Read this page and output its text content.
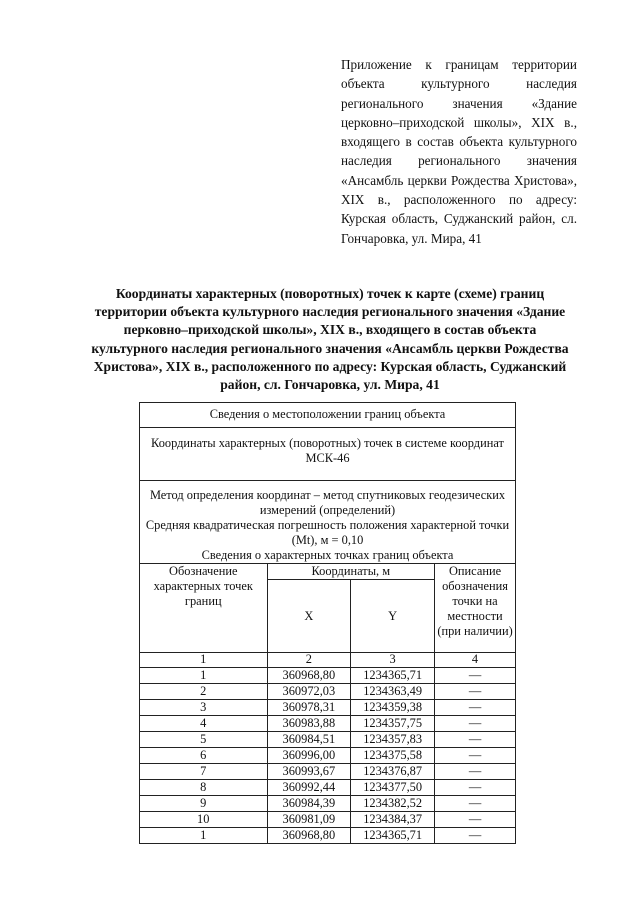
Приложение к границам территории объекта культурного наследия регионального значения «Здание церковно–приходской школы», XIX в., входящего в состав объекта культурного наследия регионального значения «Ансамбль церкви Рождества Христова», XIX в., расположенного по адресу: Курская область, Суджанский район, сл. Гончаровка, ул. Мира, 41
Координаты характерных (поворотных) точек к карте (схеме) границ территории объекта культурного наследия регионального значения «Здание перковно–приходской школы», XIX в., входящего в состав объекта культурного наследия регионального значения «Ансамбль церкви Рождества Христова», XIX в., расположенного по адресу: Курская область, Суджанский район, сл. Гончаровка, ул. Мира, 41
Сведения о местоположении границ объекта			
Координаты характерных (поворотных) точек в системе координат МСК-46			

Метод определения координат – метод спутниковых геодезических измерений (определений)
Средняя квадратическая погрешность положения характерной точки (Mt), м = 0,10
Сведения о характерных точках границ объекта			

Обозначение характерных точек границ	Координаты, м		Описание обозначения точки на местности (при наличии)
	X	Y	
1	2	3	4
1	360968,80	1234365,71	—
2	360972,03	1234363,49	—
3	360978,31	1234359,38	—
4	360983,88	1234357,75	—
5	360984,51	1234357,83	—
6	360996,00	1234375,58	—
7	360993,67	1234376,87	—
8	360992,44	1234377,50	—
9	360984,39	1234382,52	—
10	360981,09	1234384,37	—
1	360968,80	1234365,71	—
